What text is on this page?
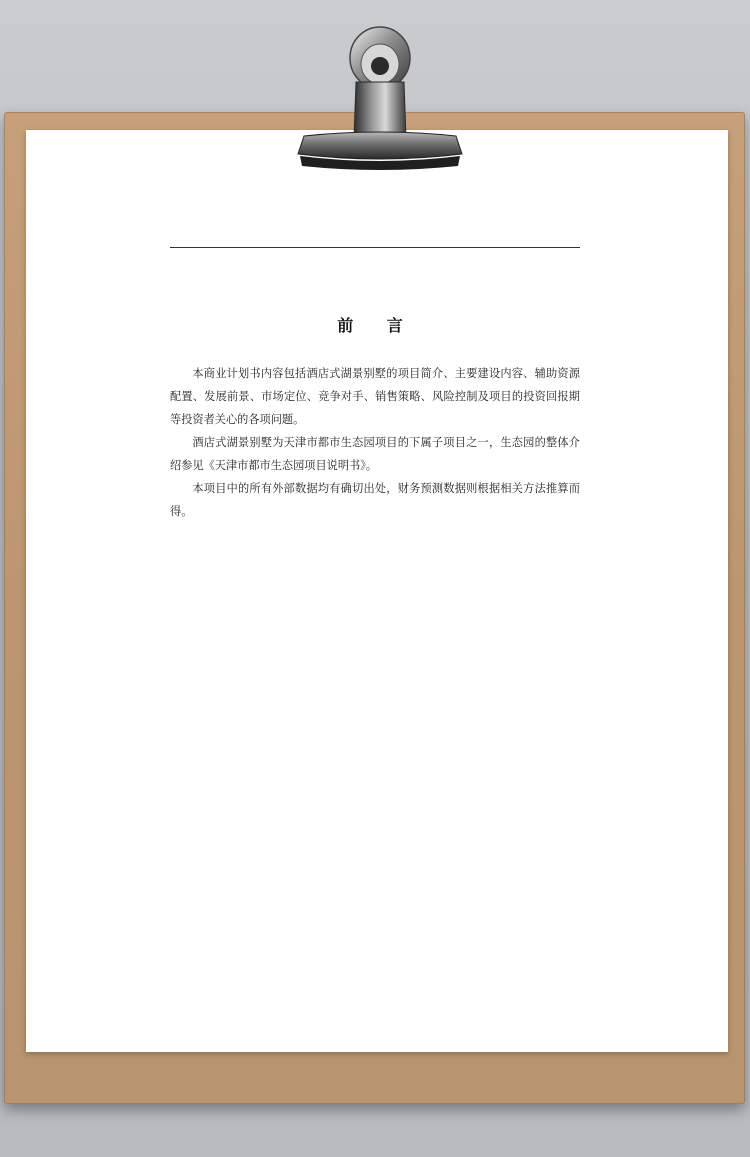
前 言

本商业计划书内容包括酒店式湖景别墅的项目简介、主要建设内容、辅助资源配置、发展前景、市场定位、竞争对手、销售策略、风险控制及项目的投资回报期等投资者关心的各项问题。

酒店式湖景别墅为天津市都市生态园项目的下属子项目之一，生态园的整体介绍参见《天津市都市生态园项目说明书》。

本项目中的所有外部数据均有确切出处，财务预测数据则根据相关方法推算而得。
